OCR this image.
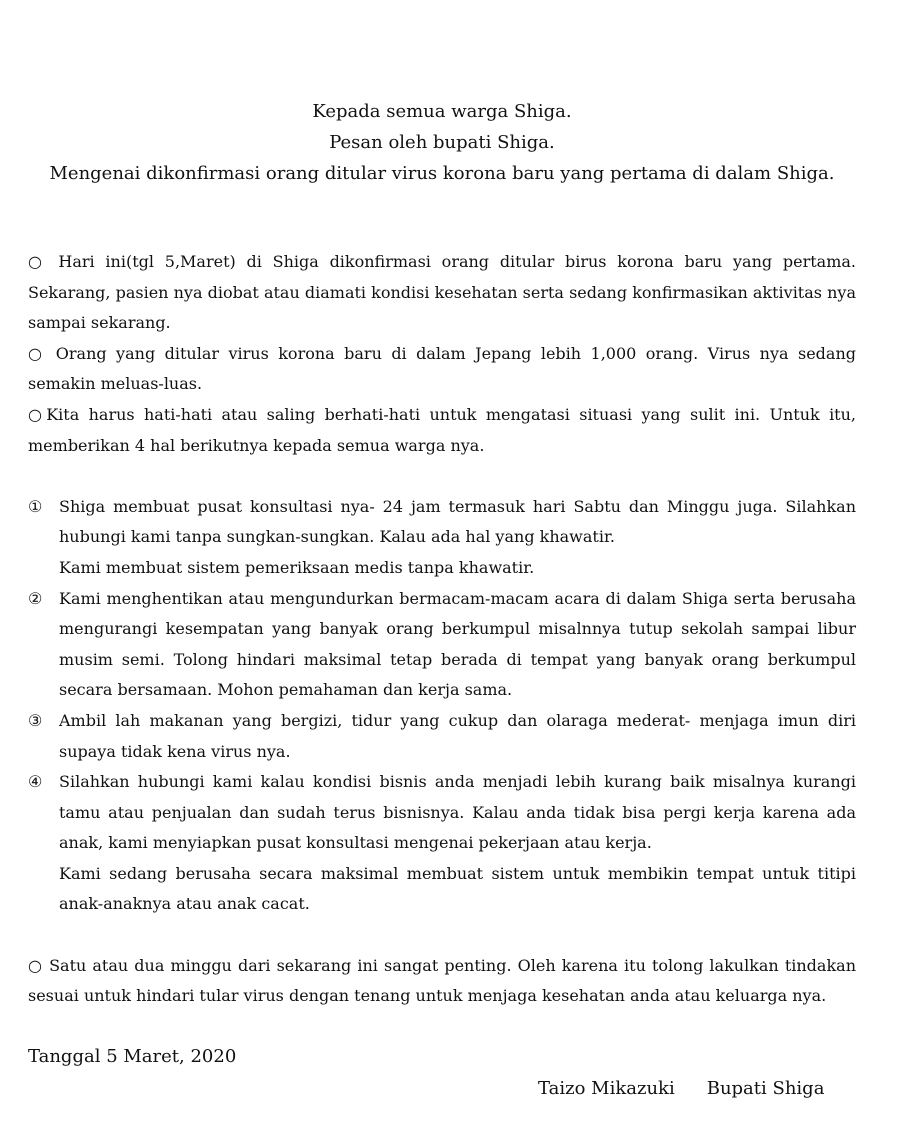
Kepada semua warga Shiga.
Pesan oleh bupati Shiga.
Mengenai dikonfirmasi orang ditular virus korona baru yang pertama di dalam Shiga.

○ Hari ini(tgl 5,Maret) di Shiga dikonfirmasi orang ditular birus korona baru yang pertama. Sekarang, pasien nya diobat atau diamati kondisi kesehatan serta sedang konfirmasikan aktivitas nya sampai sekarang.

○ Orang yang ditular virus korona baru di dalam Jepang lebih 1,000 orang. Virus nya sedang semakin meluas-luas.

○Kita harus hati-hati atau saling berhati-hati untuk mengatasi situasi yang sulit ini. Untuk itu, memberikan 4 hal berikutnya kepada semua warga nya.

①	Shiga membuat pusat konsultasi nya- 24 jam termasuk hari Sabtu dan Minggu juga. Silahkan hubungi kami tanpa sungkan-sungkan. Kalau ada hal yang khawatir.

Kami membuat sistem pemeriksaan medis tanpa khawatir.

②	Kami menghentikan atau mengundurkan bermacam-macam acara di dalam Shiga serta berusaha mengurangi kesempatan yang banyak orang berkumpul misalnnya tutup sekolah sampai libur musim semi. Tolong hindari maksimal tetap berada di tempat yang banyak orang berkumpul secara bersamaan. Mohon pemahaman dan kerja sama.

③	Ambil lah makanan yang bergizi, tidur yang cukup dan olaraga mederat- menjaga imun diri supaya tidak kena virus nya.

④	Silahkan hubungi kami kalau kondisi bisnis anda menjadi lebih kurang baik misalnya kurangi tamu atau penjualan dan sudah terus bisnisnya. Kalau anda tidak bisa pergi kerja karena ada anak, kami menyiapkan pusat konsultasi mengenai pekerjaan atau kerja.

Kami sedang berusaha secara maksimal membuat sistem untuk membikin tempat untuk titipi anak-anaknya atau anak cacat.

○ Satu atau dua minggu dari sekarang ini sangat penting. Oleh karena itu tolong lakulkan tindakan sesuai untuk hindari tular virus dengan tenang untuk menjaga kesehatan anda atau keluarga nya.

Tanggal 5 Maret, 2020
Taizo Mikazuki Bupati Shiga
